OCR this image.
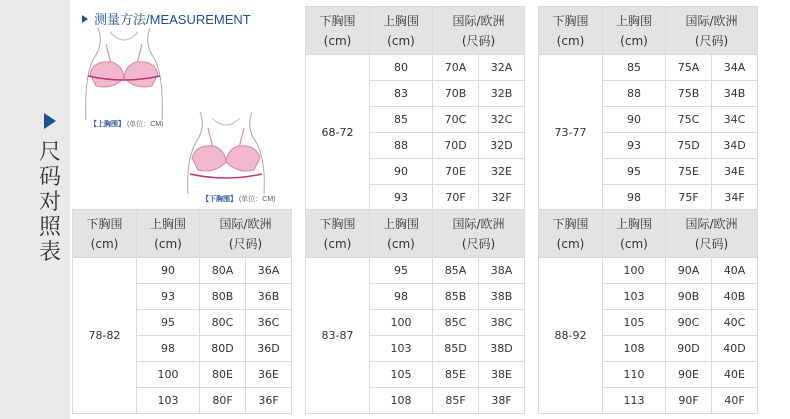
尺
码
对
照
表
测量方法/MEASUREMENT
【上胸围】 (单位：CM)
【下胸围】 (单位：CM)
下胸围
(cm)	上胸围
(cm)	国际/欧洲
(尺码)	
68-72	80	70A	32A
	83	70B	32B
	85	70C	32C
	88	70D	32D
	90	70E	32E
	93	70F	32F
下胸围
(cm)	上胸围
(cm)	国际/欧洲
(尺码)	
73-77	85	75A	34A
	88	75B	34B
	90	75C	34C
	93	75D	34D
	95	75E	34E
	98	75F	34F
下胸围
(cm)	上胸围
(cm)	国际/欧洲
(尺码)	
78-82	90	80A	36A
	93	80B	36B
	95	80C	36C
	98	80D	36D
	100	80E	36E
	103	80F	36F
下胸围
(cm)	上胸围
(cm)	国际/欧洲
(尺码)	
83-87	95	85A	38A
	98	85B	38B
	100	85C	38C
	103	85D	38D
	105	85E	38E
	108	85F	38F
下胸围
(cm)	上胸围
(cm)	国际/欧洲
(尺码)	
88-92	100	90A	40A
	103	90B	40B
	105	90C	40C
	108	90D	40D
	110	90E	40E
	113	90F	40F
